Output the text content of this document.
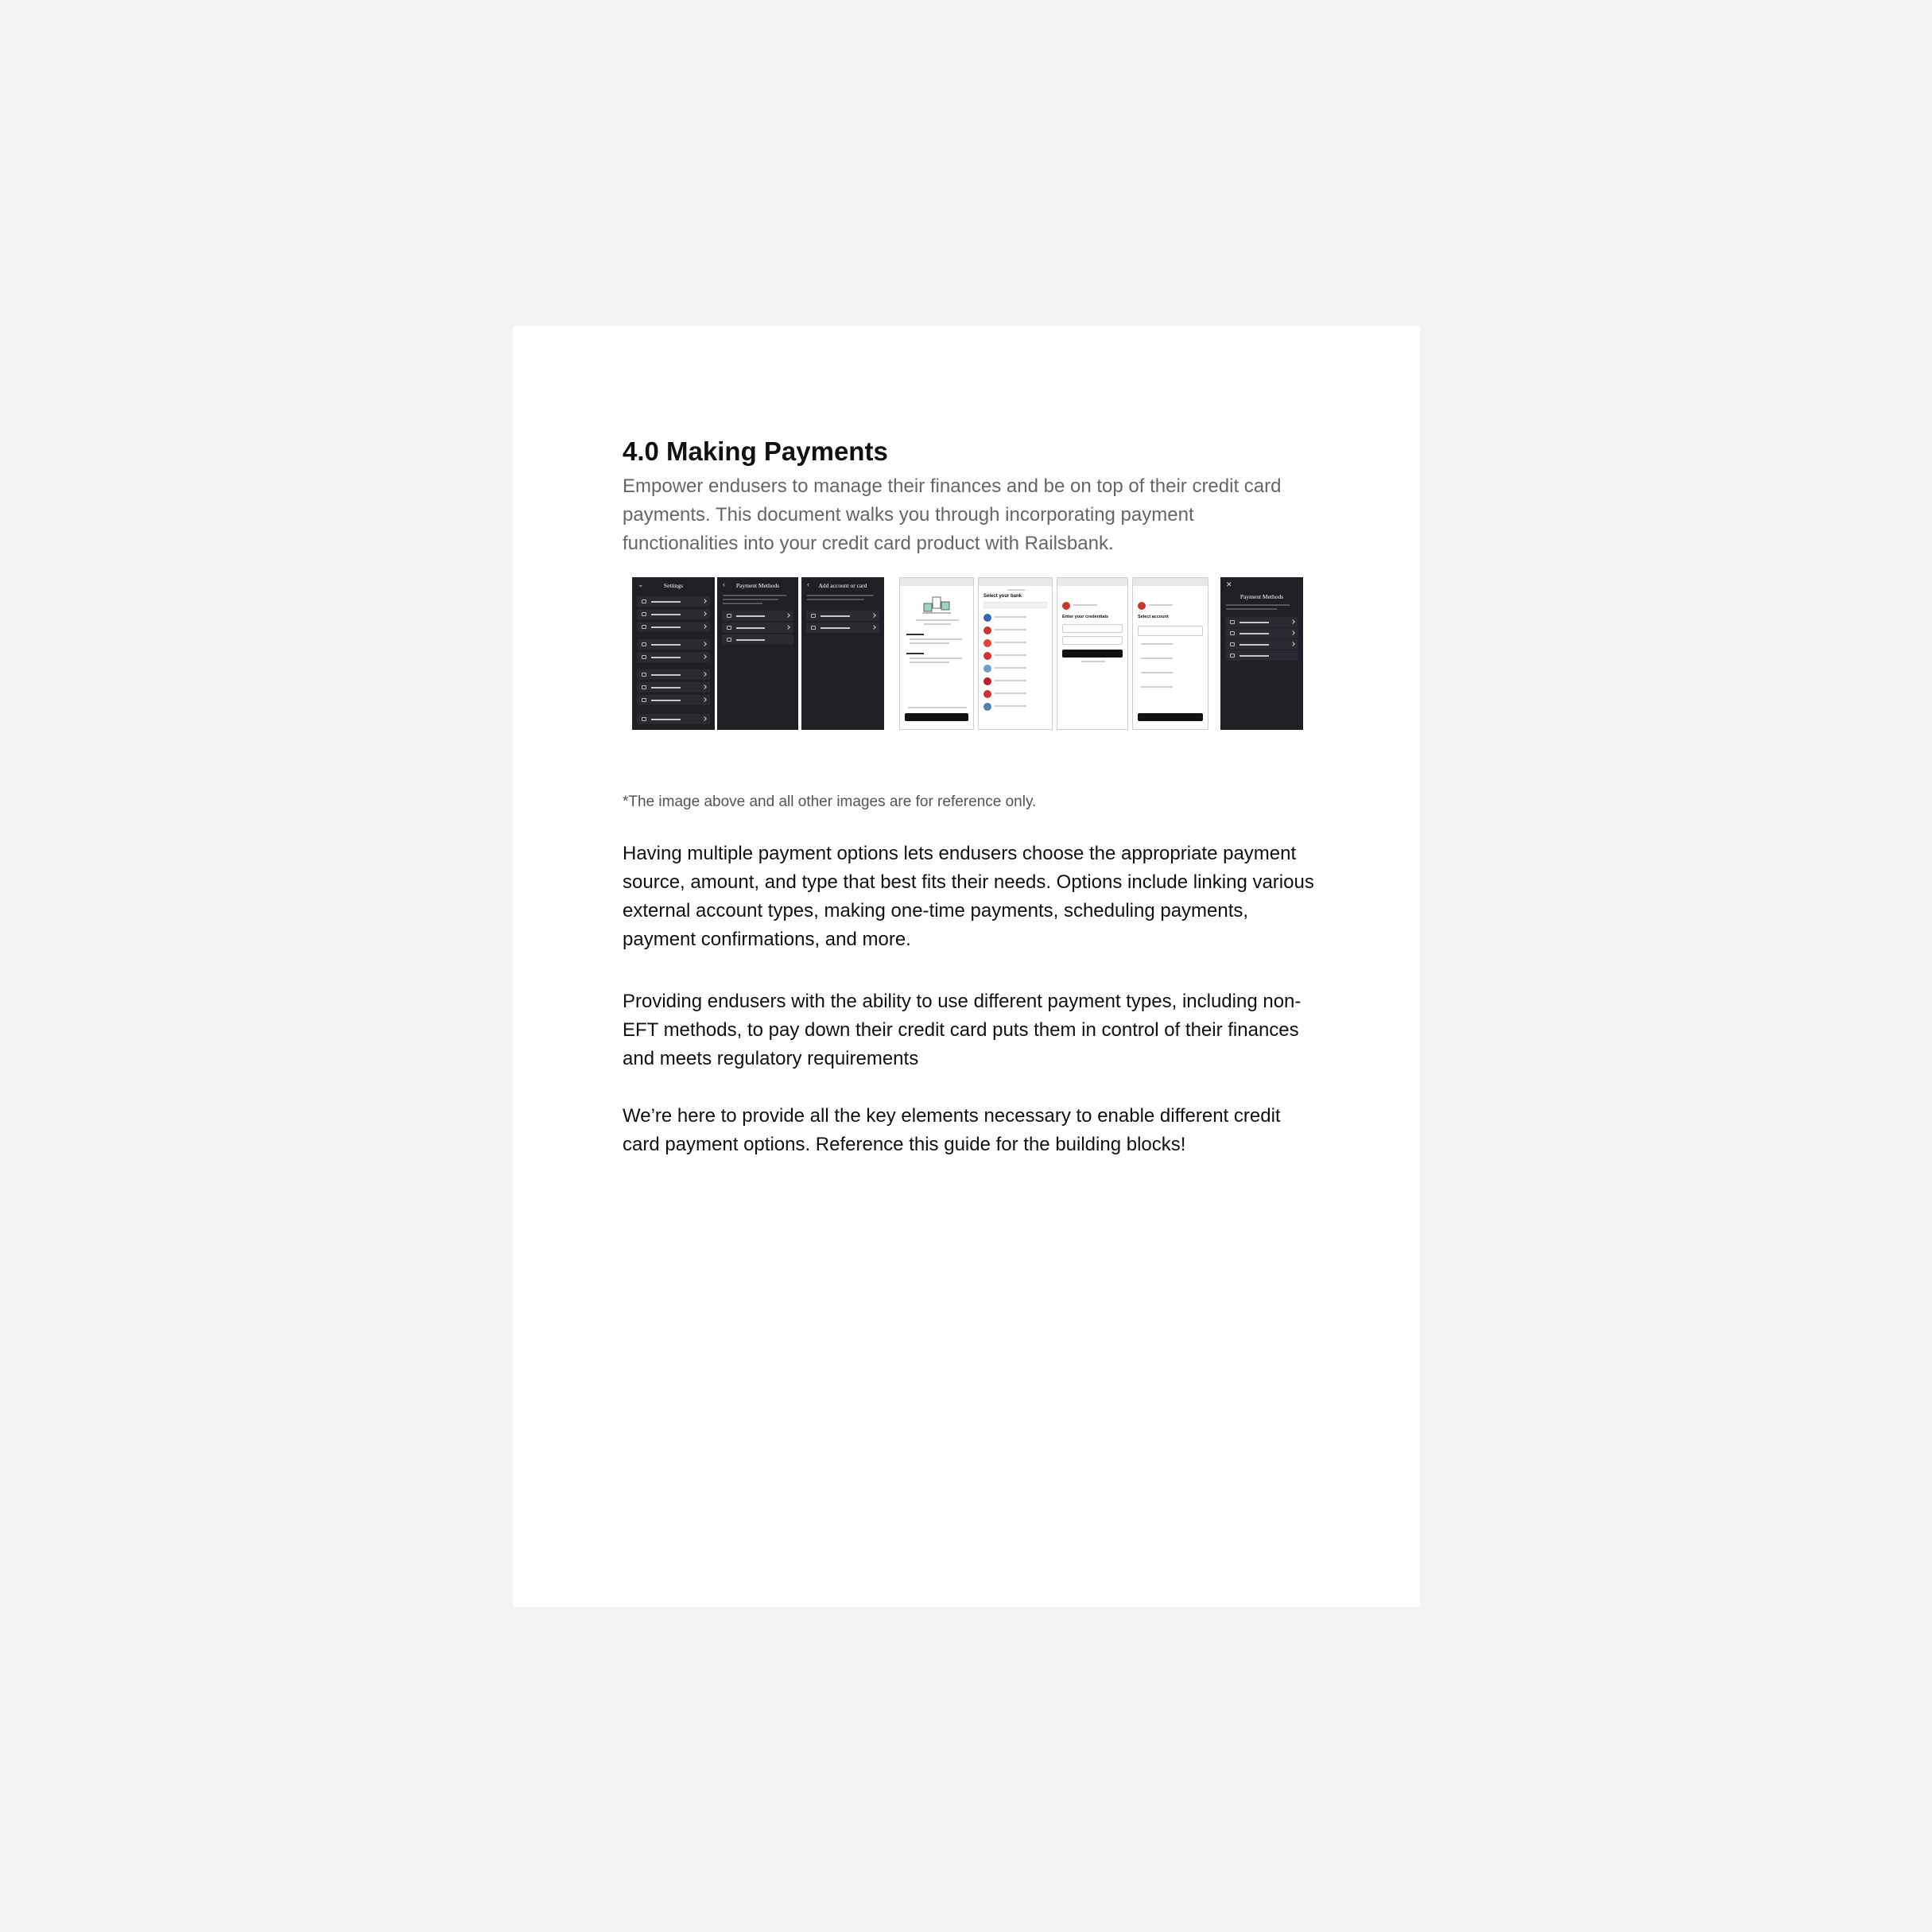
4.0 Making Payments

Empower endusers to manage their finances and be on top of their credit card payments. This document walks you through incorporating payment functionalities into your credit card product with Railsbank.

⌄	Settings	‹	Payment Methods	‹	Add account or card
Select your bank
Enter your credentials	Select account
✕
Payment Methods

*The image above and all other images are for reference only.

Having multiple payment options lets endusers choose the appropriate payment source, amount, and type that best fits their needs. Options include linking various external account types, making one-time payments, scheduling payments, payment confirmations, and more.

Providing endusers with the ability to use different payment types, including non-EFT methods, to pay down their credit card puts them in control of their finances and meets regulatory requirements

We’re here to provide all the key elements necessary to enable different credit card payment options. Reference this guide for the building blocks!
